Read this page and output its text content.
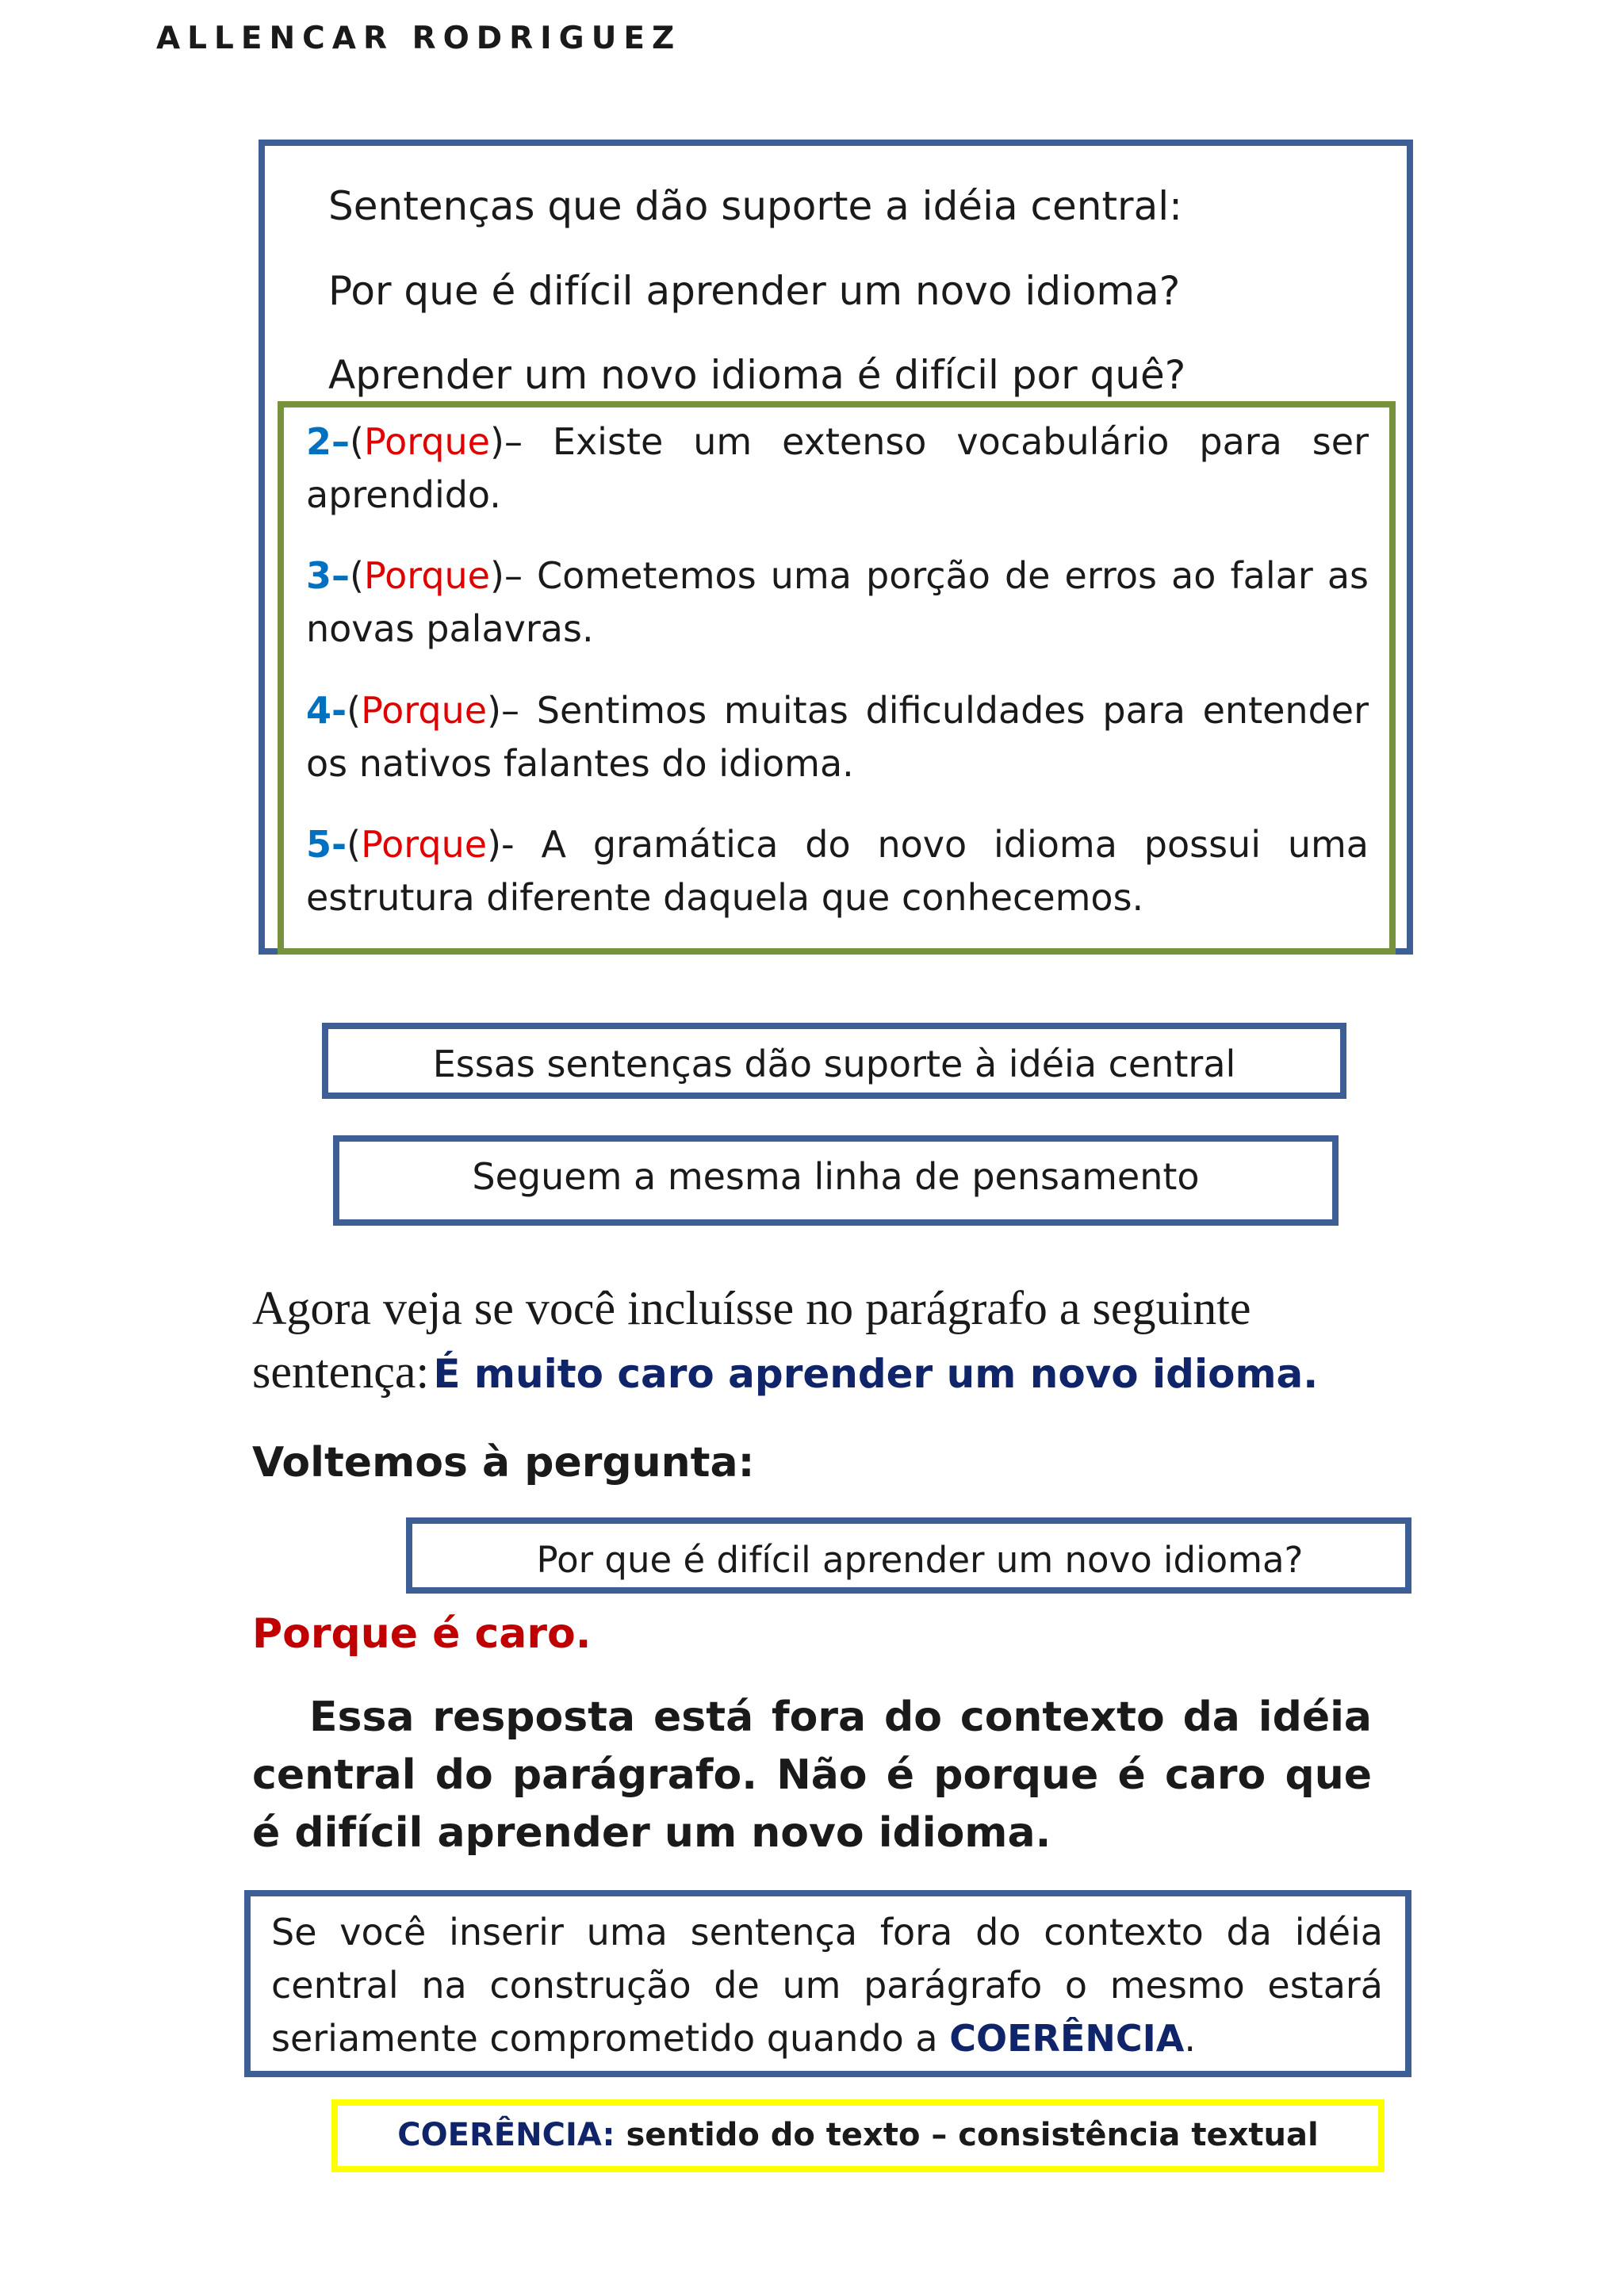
ALLENCAR RODRIGUEZ
Sentenças que dão suporte a idéia central:
Por que é difícil aprender um novo idioma?
Aprender um novo idioma é difícil por quê?
2–(Porque)– Existe um extenso vocabulário para ser aprendido.
3–(Porque)– Cometemos uma porção de erros ao falar as novas palavras.
4-(Porque)– Sentimos muitas dificuldades para entender os nativos falantes do idioma.
5-(Porque)- A gramática do novo idioma possui uma estrutura diferente daquela que conhecemos.
Essas sentenças dão suporte à idéia central
Seguem a mesma linha de pensamento
Agora veja se você incluísse no parágrafo a seguinte
sentença: É muito caro aprender um novo idioma.
Voltemos à pergunta:
Por que é difícil aprender um novo idioma?
Porque é caro.
Essa resposta está fora do contexto da idéia central do parágrafo. Não é porque é caro que é difícil aprender um novo idioma.
Se você inserir uma sentença fora do contexto da idéia central na construção de um parágrafo o mesmo estará seriamente comprometido quando a COERÊNCIA.
COERÊNCIA: sentido do texto – consistência textual
